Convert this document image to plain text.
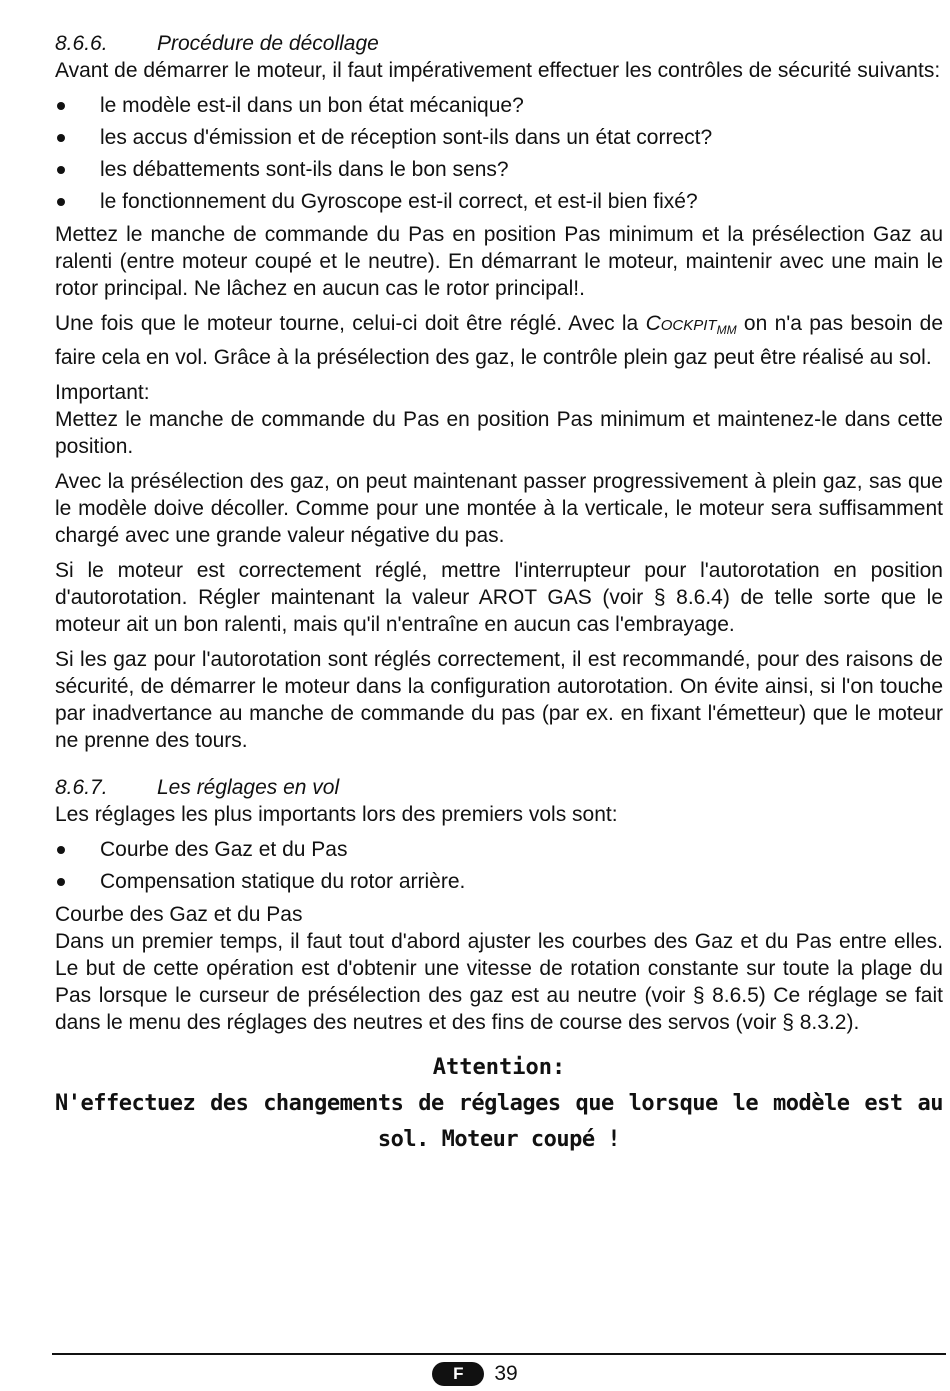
8.6.6.	Procédure de décollage

Avant de démarrer le moteur, il faut impérativement effectuer les contrôles de sécurité suivants:

le modèle est-il dans un bon état mécanique?
les accus d'émission et de réception sont-ils dans un état correct?
les débattements sont-ils dans le bon sens?
le fonctionnement du Gyroscope est-il correct, et est-il bien fixé?

Mettez le manche de commande du Pas en position Pas minimum et la présélection Gaz au ralenti (entre moteur coupé et le neutre). En démarrant le moteur, maintenir avec une main le rotor principal. Ne lâchez en aucun cas le rotor principal!.

Une fois que le moteur tourne, celui-ci doit être réglé. Avec la Cockpit$_{MM}$ on n'a pas besoin de faire cela en vol. Grâce à la présélection des gaz, le contrôle plein gaz peut être réalisé au sol.

Important:

Mettez le manche de commande du Pas en position Pas minimum et maintenez-le dans cette position.

Avec la présélection des gaz, on peut maintenant passer progressivement à plein gaz, sas que le modèle doive décoller. Comme pour une montée à la verticale, le moteur sera suffisamment chargé avec une grande valeur négative du pas.

Si le moteur est correctement réglé, mettre l'interrupteur pour l'autorotation en position d'autorotation. Régler maintenant la valeur AROT GAS (voir § 8.6.4) de telle sorte que le moteur ait un bon ralenti, mais qu'il n'entraîne en aucun cas l'embrayage.

Si les gaz pour l'autorotation sont réglés correctement, il est recommandé, pour des raisons de sécurité, de démarrer le moteur dans la configuration autorotation. On évite ainsi, si l'on touche par inadvertance au manche de commande du pas (par ex. en fixant l'émetteur) que le moteur ne prenne des tours.

8.6.7.	Les réglages en vol

Les réglages les plus importants lors des premiers vols sont:

Courbe des Gaz et du Pas
Compensation statique du rotor arrière.
Courbe des Gaz et du Pas

Dans un premier temps, il faut tout d'abord ajuster les courbes des Gaz et du Pas entre elles. Le but de cette opération est d'obtenir une vitesse de rotation constante sur toute la plage du Pas lorsque le curseur de présélection des gaz est au neutre (voir § 8.6.5) Ce réglage se fait dans le menu des réglages des neutres et des fins de course des servos (voir § 8.3.2).

Attention:
N'effectuez des changements de réglages que lorsque le modèle est au sol. Moteur coupé !
F	39
